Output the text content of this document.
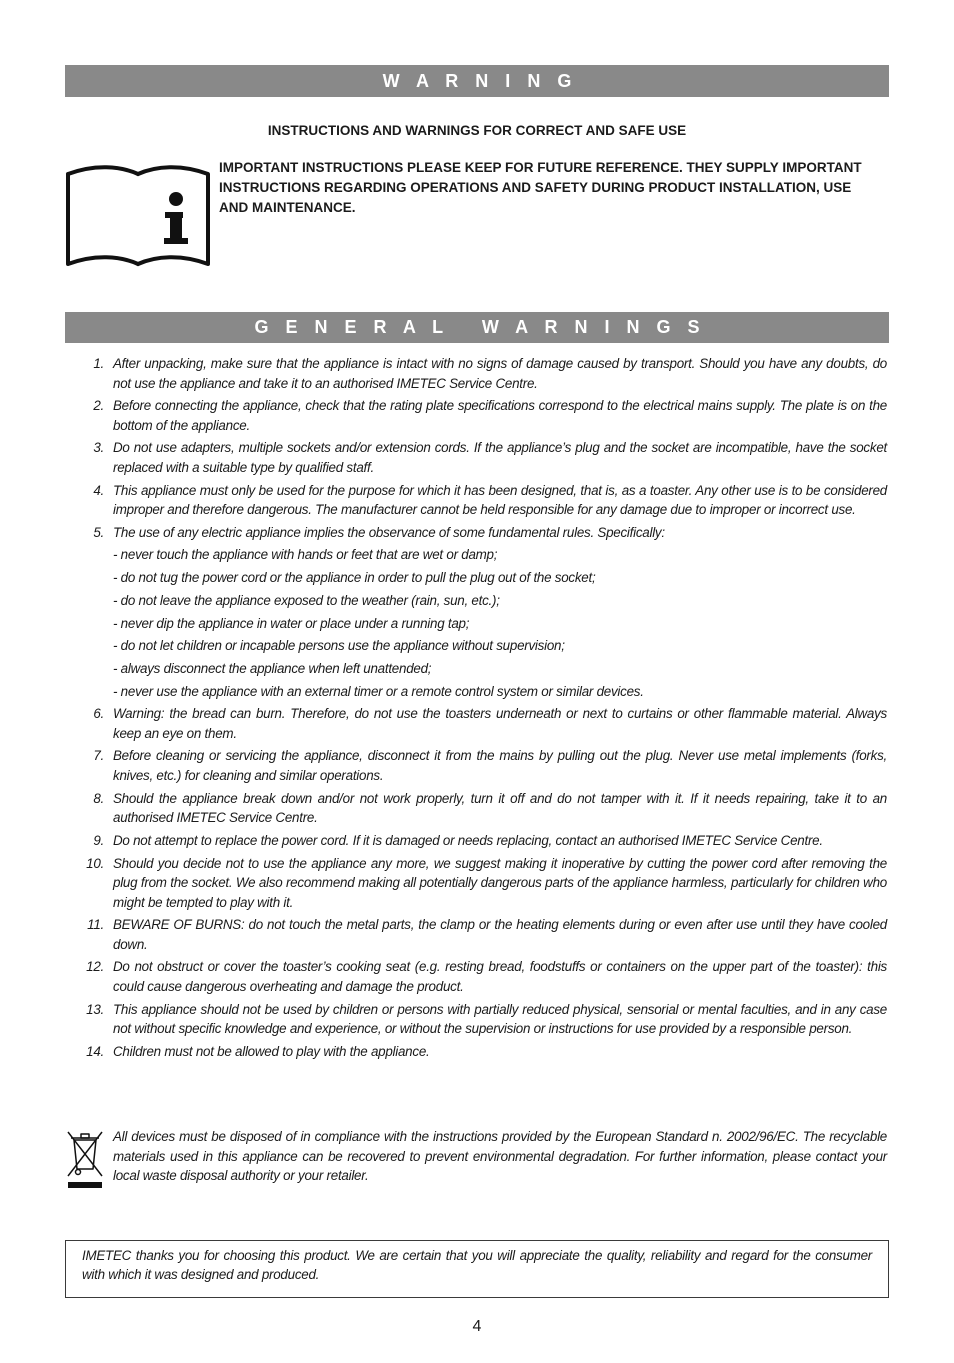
W A R N I N G
INSTRUCTIONS AND WARNINGS FOR CORRECT AND SAFE USE
IMPORTANT INSTRUCTIONS PLEASE KEEP FOR FUTURE REFERENCE. THEY SUPPLY IMPORTANT INSTRUCTIONS REGARDING OPERATIONS AND SAFETY DURING PRODUCT INSTALLATION, USE AND MAINTENANCE.
G E N E R A L   W A R N I N G S
1. After unpacking, make sure that the appliance is intact with no signs of damage caused by transport. Should you have any doubts, do not use the appliance and take it to an authorised IMETEC Service Centre.
2. Before connecting the appliance, check that the rating plate specifications correspond to the electrical mains supply. The plate is on the bottom of the appliance.
3. Do not use adapters, multiple sockets and/or extension cords. If the appliance’s plug and the socket are incompatible, have the socket replaced with a suitable type by qualified staff.
4. This appliance must only be used for the purpose for which it has been designed, that is, as a toaster. Any other use is to be considered improper and therefore dangerous. The manufacturer cannot be held responsible for any damage due to improper or incorrect use.
5. The use of any electric appliance implies the observance of some fundamental rules. Specifically:
- never touch the appliance with hands or feet that are wet or damp;
- do not tug the power cord or the appliance in order to pull the plug out of the socket;
- do not leave the appliance exposed to the weather (rain, sun, etc.);
- never dip the appliance in water or place under a running tap;
- do not let children or incapable persons use the appliance without supervision;
- always disconnect the appliance when left unattended;
- never use the appliance with an external timer or a remote control system or similar devices.
6. Warning: the bread can burn. Therefore, do not use the toasters underneath or next to curtains or other flammable material. Always keep an eye on them.
7. Before cleaning or servicing the appliance, disconnect it from the mains by pulling out the plug. Never use metal implements (forks, knives, etc.) for cleaning and similar operations.
8. Should the appliance break down and/or not work properly, turn it off and do not tamper with it. If it needs repairing, take it to an authorised IMETEC Service Centre.
9. Do not attempt to replace the power cord. If it is damaged or needs replacing, contact an authorised IMETEC Service Centre.
10. Should you decide not to use the appliance any more, we suggest making it inoperative by cutting the power cord after removing the plug from the socket. We also recommend making all potentially dangerous parts of the appliance harmless, particularly for children who might be tempted to play with it.
11. BEWARE OF BURNS: do not touch the metal parts, the clamp or the heating elements during or even after use until they have cooled down.
12. Do not obstruct or cover the toaster’s cooking seat (e.g. resting bread, foodstuffs or containers on the upper part of the toaster): this could cause dangerous overheating and damage the product.
13. This appliance should not be used by children or persons with partially reduced physical, sensorial or mental faculties, and in any case not without specific knowledge and experience, or without the supervision or instructions for use provided by a responsible person.
14. Children must not be allowed to play with the appliance.
All devices must be disposed of in compliance with the instructions provided by the European Standard n. 2002/96/EC. The recyclable materials used in this appliance can be recovered to prevent environmental degradation. For further information, please contact your local waste disposal authority or your retailer.
IMETEC thanks you for choosing this product. We are certain that you will appreciate the quality, reliability and regard for the consumer with which it was designed and produced.
4
